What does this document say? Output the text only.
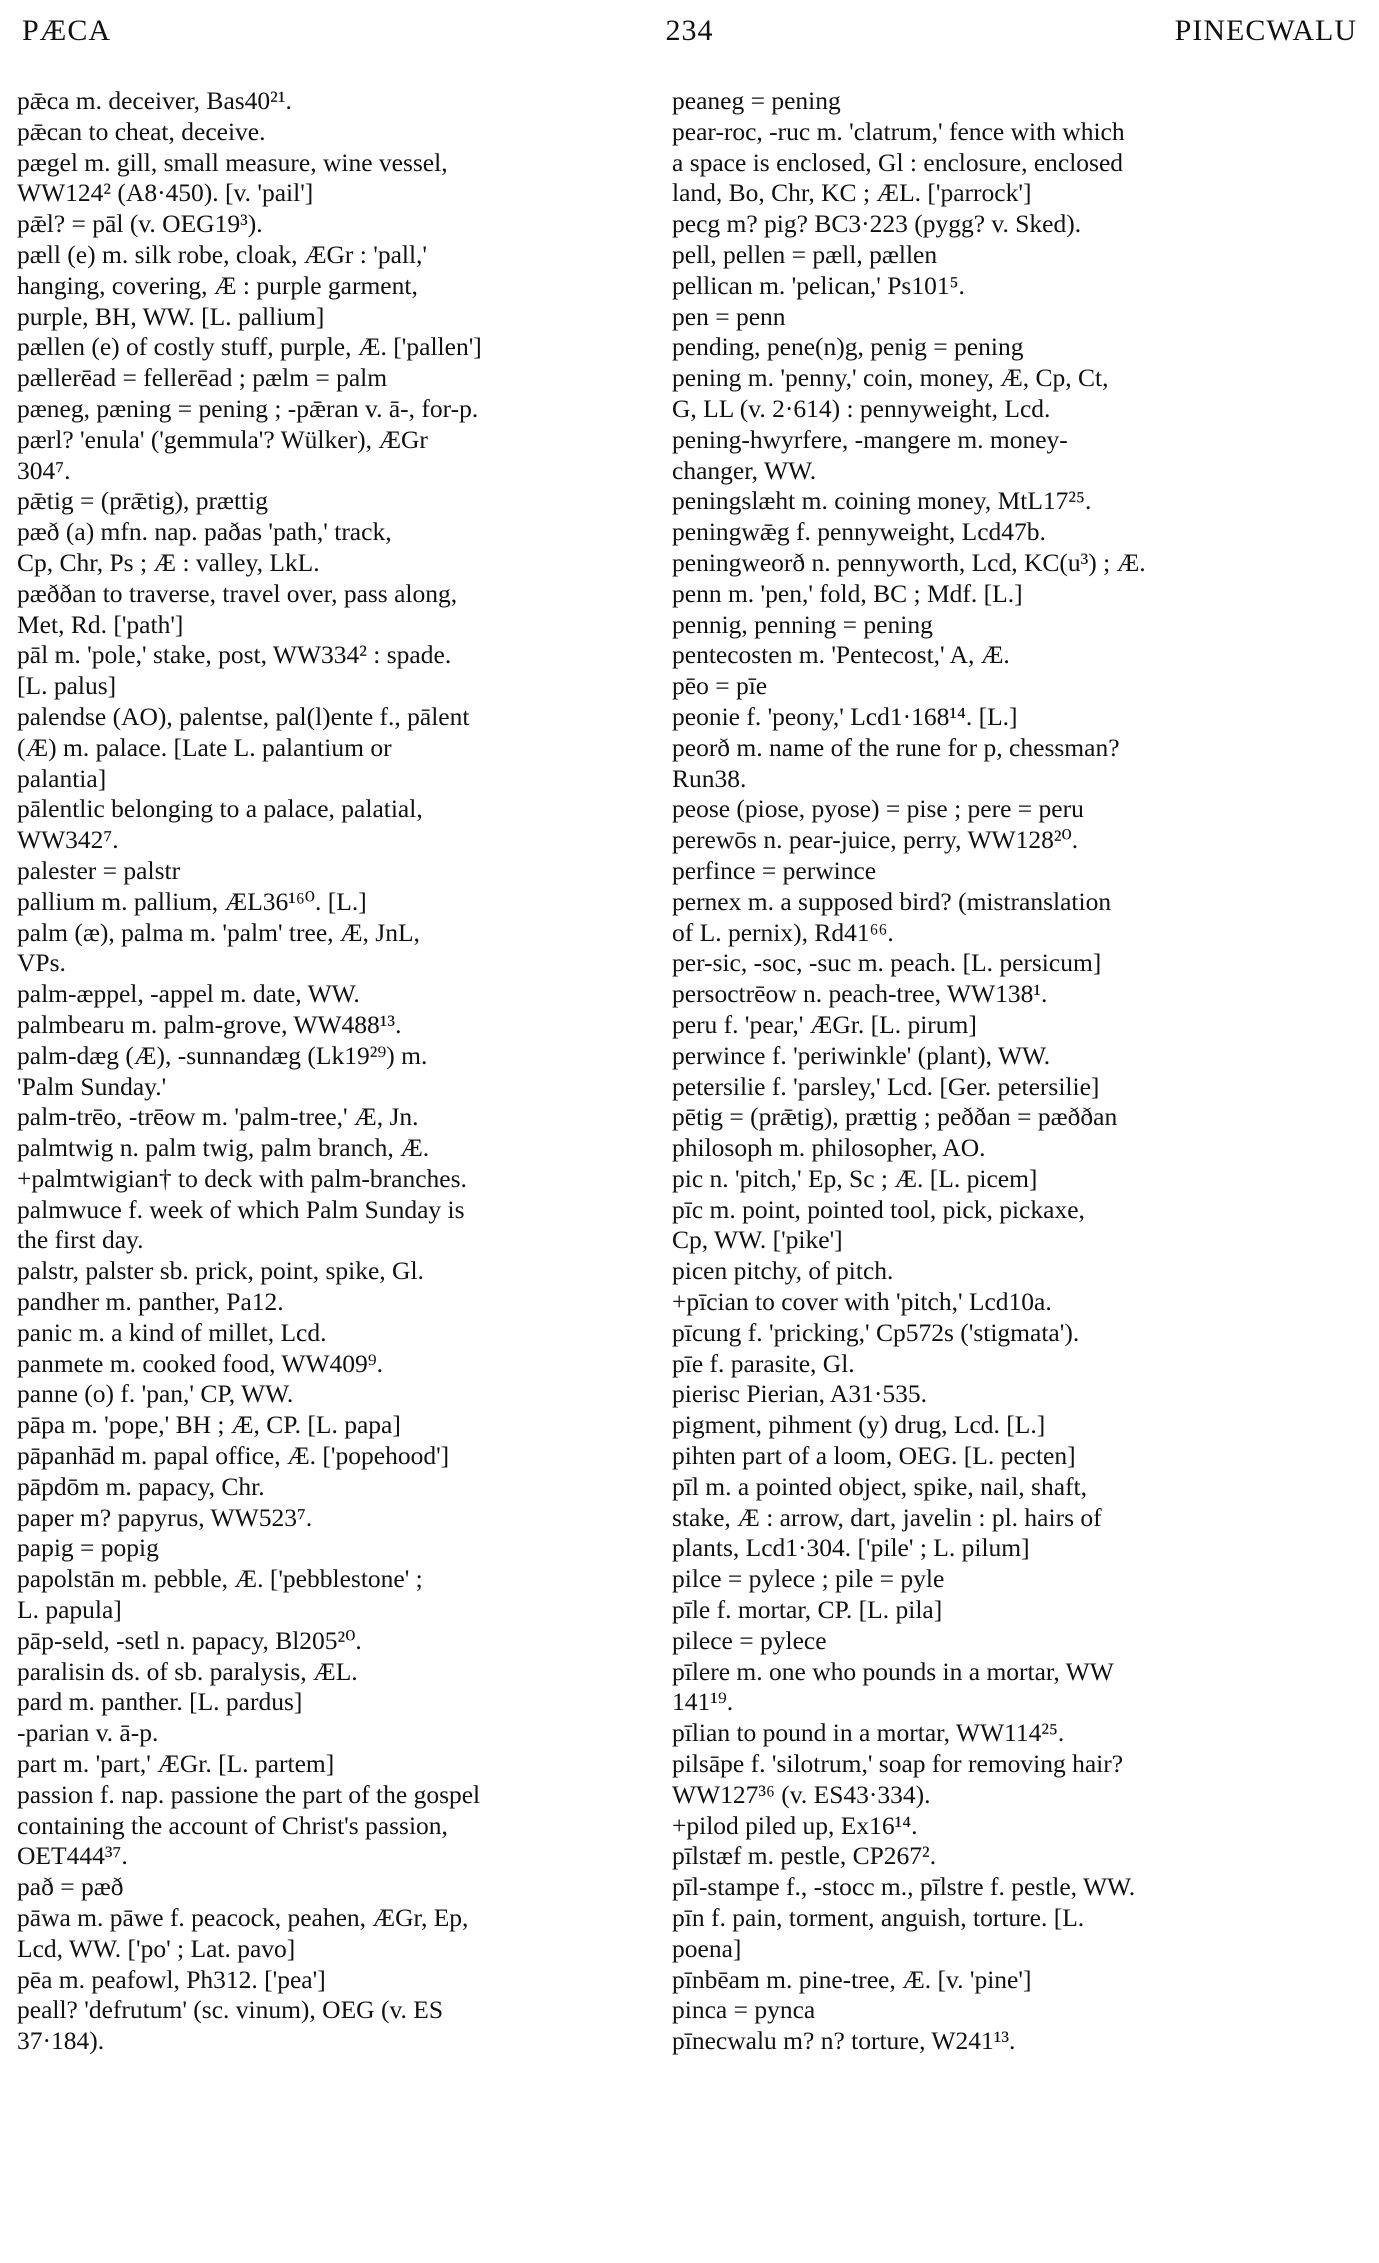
PÆCA	234	PINECWALU
pǣca m. deceiver, Bas40²¹.
pǣcan to cheat, deceive.
pægel m. gill, small measure, wine vessel,
WW124² (A8·450). [v. 'pail']
pǣl? = pāl (v. OEG19³).
pæll (e) m. silk robe, cloak, ÆGr : 'pall,'
hanging, covering, Æ : purple garment,
purple, BH, WW. [L. pallium]
pællen (e) of costly stuff, purple, Æ. ['pallen']
pællerēad = fellerēad ; pælm = palm
pæneg, pæning = pening ; -pǣran v. ā-, for-p.
pærl? 'enula' ('gemmula'? Wülker), ÆGr
304⁷.
pǣtig = (prǣtig), prættig
pæð (a) mfn. nap. paðas 'path,' track,
Cp, Chr, Ps ; Æ : valley, LkL.
pæððan to traverse, travel over, pass along,
Met, Rd. ['path']
pāl m. 'pole,' stake, post, WW334² : spade.
[L. palus]
palendse (AO), palentse, pal(l)ente f., pālent
(Æ) m. palace. [Late L. palantium or
palantia]
pālentlic belonging to a palace, palatial,
WW342⁷.
palester = palstr
pallium m. pallium, ÆL36¹⁶⁰. [L.]
palm (æ), palma m. 'palm' tree, Æ, JnL,
VPs.
palm-æppel, -appel m. date, WW.
palmbearu m. palm-grove, WW488¹³.
palm-dæg (Æ), -sunnandæg (Lk19²⁹) m.
'Palm Sunday.'
palm-trēo, -trēow m. 'palm-tree,' Æ, Jn.
palmtwig n. palm twig, palm branch, Æ.
+palmtwigian† to deck with palm-branches.
palmwuce f. week of which Palm Sunday is
the first day.
palstr, palster sb. prick, point, spike, Gl.
pandher m. panther, Pa12.
panic m. a kind of millet, Lcd.
panmete m. cooked food, WW409⁹.
panne (o) f. 'pan,' CP, WW.
pāpa m. 'pope,' BH ; Æ, CP. [L. papa]
pāpanhād m. papal office, Æ. ['popehood']
pāpdōm m. papacy, Chr.
paper m? papyrus, WW523⁷.
papig = popig
papolstān m. pebble, Æ. ['pebblestone' ;
L. papula]
pāp-seld, -setl n. papacy, Bl205²⁰.
paralisin ds. of sb. paralysis, ÆL.
pard m. panther. [L. pardus]
-parian v. ā-p.
part m. 'part,' ÆGr. [L. partem]
passion f. nap. passione the part of the gospel
containing the account of Christ's passion,
OET444³⁷.
pað = pæð
pāwa m. pāwe f. peacock, peahen, ÆGr, Ep,
Lcd, WW. ['po' ; Lat. pavo]
pēa m. peafowl, Ph312. ['pea']
peall? 'defrutum' (sc. vinum), OEG (v. ES
37·184).
peaneg = pening
pear-roc, -ruc m. 'clatrum,' fence with which
a space is enclosed, Gl : enclosure, enclosed
land, Bo, Chr, KC ; ÆL. ['parrock']
pecg m? pig? BC3·223 (pygg? v. Sked).
pell, pellen = pæll, pællen
pellican m. 'pelican,' Ps101⁵.
pen = penn
pending, pene(n)g, penig = pening
pening m. 'penny,' coin, money, Æ, Cp, Ct,
G, LL (v. 2·614) : pennyweight, Lcd.
pening-hwyrfere, -mangere m. money-
changer, WW.
peningslæht m. coining money, MtL17²⁵.
peningwǣg f. pennyweight, Lcd47b.
peningweorð n. pennyworth, Lcd, KC(u³) ; Æ.
penn m. 'pen,' fold, BC ; Mdf. [L.]
pennig, penning = pening
pentecosten m. 'Pentecost,' A, Æ.
pēo = pīe
peonie f. 'peony,' Lcd1·168¹⁴. [L.]
peorð m. name of the rune for p, chessman?
Run38.
peose (piose, pyose) = pise ; pere = peru
perewōs n. pear-juice, perry, WW128²⁰.
perfince = perwince
pernex m. a supposed bird? (mistranslation
of L. pernix), Rd41⁶⁶.
per-sic, -soc, -suc m. peach. [L. persicum]
persoctrēow n. peach-tree, WW138¹.
peru f. 'pear,' ÆGr. [L. pirum]
perwince f. 'periwinkle' (plant), WW.
petersilie f. 'parsley,' Lcd. [Ger. petersilie]
pētig = (prǣtig), prættig ; peððan = pæððan
philosoph m. philosopher, AO.
pic n. 'pitch,' Ep, Sc ; Æ. [L. picem]
pīc m. point, pointed tool, pick, pickaxe,
Cp, WW. ['pike']
picen pitchy, of pitch.
+pīcian to cover with 'pitch,' Lcd10a.
pīcung f. 'pricking,' Cp572s ('stigmata').
pīe f. parasite, Gl.
pierisc Pierian, A31·535.
pigment, pihment (y) drug, Lcd. [L.]
pihten part of a loom, OEG. [L. pecten]
pīl m. a pointed object, spike, nail, shaft,
stake, Æ : arrow, dart, javelin : pl. hairs of
plants, Lcd1·304. ['pile' ; L. pilum]
pilce = pylece ; pile = pyle
pīle f. mortar, CP. [L. pila]
pilece = pylece
pīlere m. one who pounds in a mortar, WW
141¹⁹.
pīlian to pound in a mortar, WW114²⁵.
pilsāpe f. 'silotrum,' soap for removing hair?
WW127³⁶ (v. ES43·334).
+pilod piled up, Ex16¹⁴.
pīlstæf m. pestle, CP267².
pīl-stampe f., -stocc m., pīlstre f. pestle, WW.
pīn f. pain, torment, anguish, torture. [L.
poena]
pīnbēam m. pine-tree, Æ. [v. 'pine']
pinca = pynca
pīnecwalu m? n? torture, W241¹³.
